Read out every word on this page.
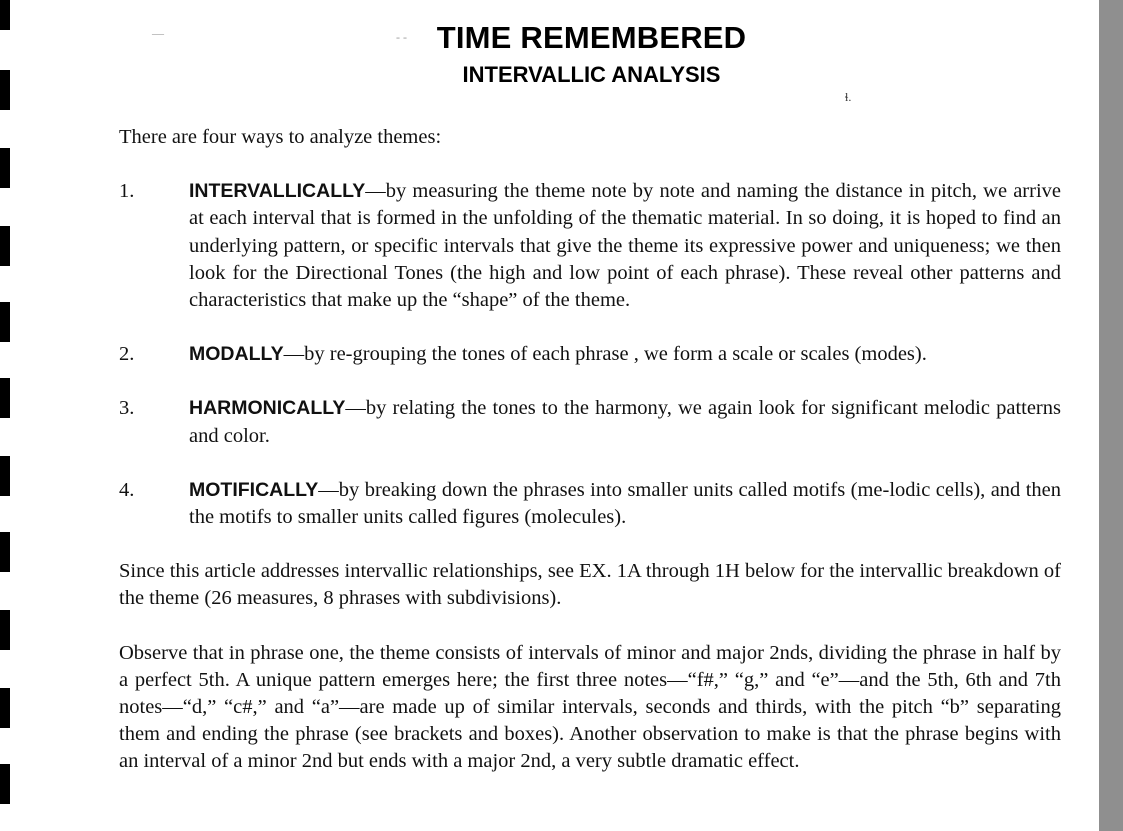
—	- -
ɬ.
TIME REMEMBERED
INTERVALLIC ANALYSIS

There are four ways to analyze themes:

1.	INTERVALLICALLY—by measuring the theme note by note and naming the distance in pitch, we arrive at each interval that is formed in the unfolding of the thematic material. In so doing, it is hoped to find an underlying pattern, or specific intervals that give the theme its expressive power and uniqueness; we then look for the Directional Tones (the high and low point of each phrase). These reveal other patterns and characteristics that make up the “shape” of the theme.
2.	MODALLY—by re-grouping the tones of each phrase , we form a scale or scales (modes).
3.	HARMONICALLY—by relating the tones to the harmony, we again look for significant melodic patterns and color.
4.	MOTIFICALLY—by breaking down the phrases into smaller units called motifs (me-lodic cells), and then the motifs to smaller units called figures (molecules).

Since this article addresses intervallic relationships, see EX. 1A through 1H below for the intervallic breakdown of the theme (26 measures, 8 phrases with subdivisions).

Observe that in phrase one, the theme consists of intervals of minor and major 2nds, dividing the phrase in half by a perfect 5th. A unique pattern emerges here; the first three notes—“f#,” “g,” and “e”—and the 5th, 6th and 7th notes—“d,” “c#,” and “a”—are made up of similar intervals, seconds and thirds, with the pitch “b” separating them and ending the phrase (see brackets and boxes). Another observation to make is that the phrase begins with an interval of a minor 2nd but ends with a major 2nd, a very subtle dramatic effect.
